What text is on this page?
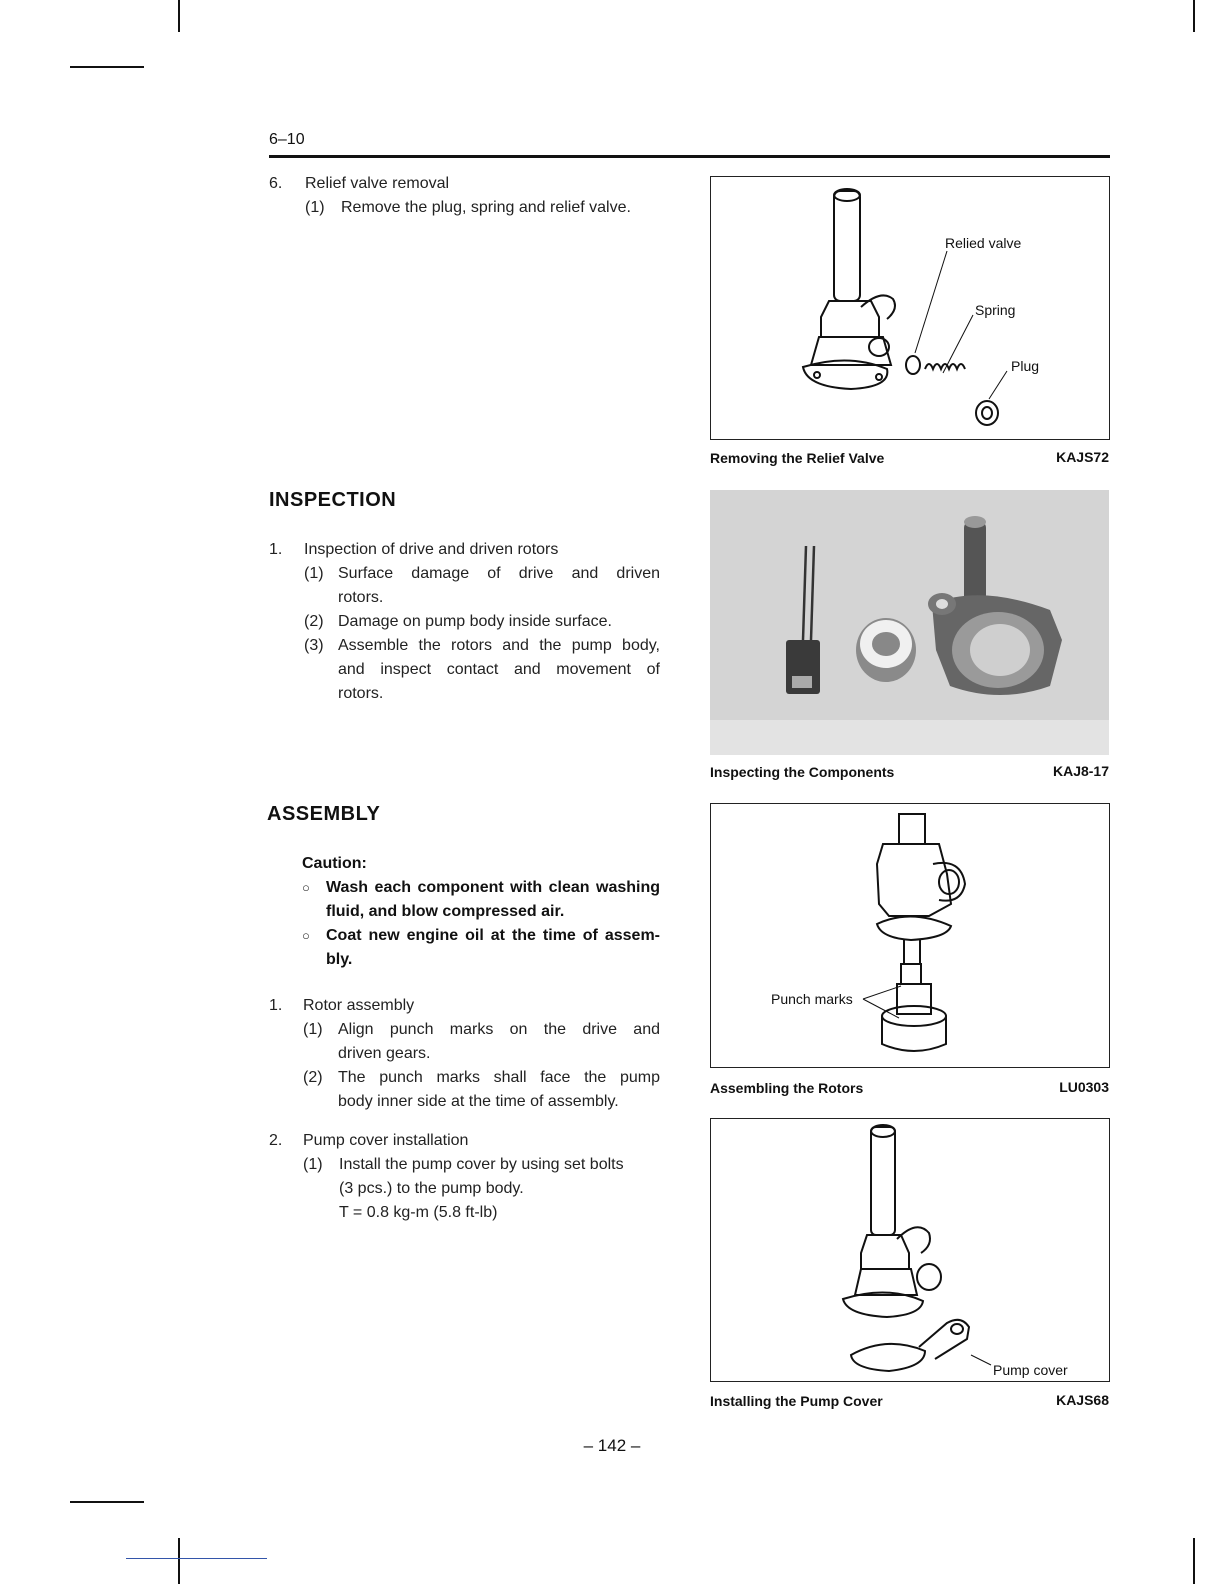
6–10
6. Relief valve removal
(1) Remove the plug, spring and relief valve.
Relied valve
Spring
Plug
Removing the Relief Valve	KAJS72
INSPECTION
1. Inspection of drive and driven rotors
(1) Surface damage of drive and driven
rotors.
(2) Damage on pump body inside surface.
(3) Assemble the rotors and the pump body,
and inspect contact and movement of
rotors.
Inspecting the Components	KAJ8-17
ASSEMBLY
Caution:
○ Wash each component with clean washing
fluid, and blow compressed air.
○ Coat new engine oil at the time of assem-
bly.
1. Rotor assembly
(1) Align punch marks on the drive and
driven gears.
(2) The punch marks shall face the pump
body inner side at the time of assembly.
2. Pump cover installation
(1) Install the pump cover by using set bolts
(3 pcs.) to the pump body.
T = 0.8 kg-m (5.8 ft-lb)
Punch marks
Assembling the Rotors	LU0303
Pump cover
Installing the Pump Cover	KAJS68
– 142 –
